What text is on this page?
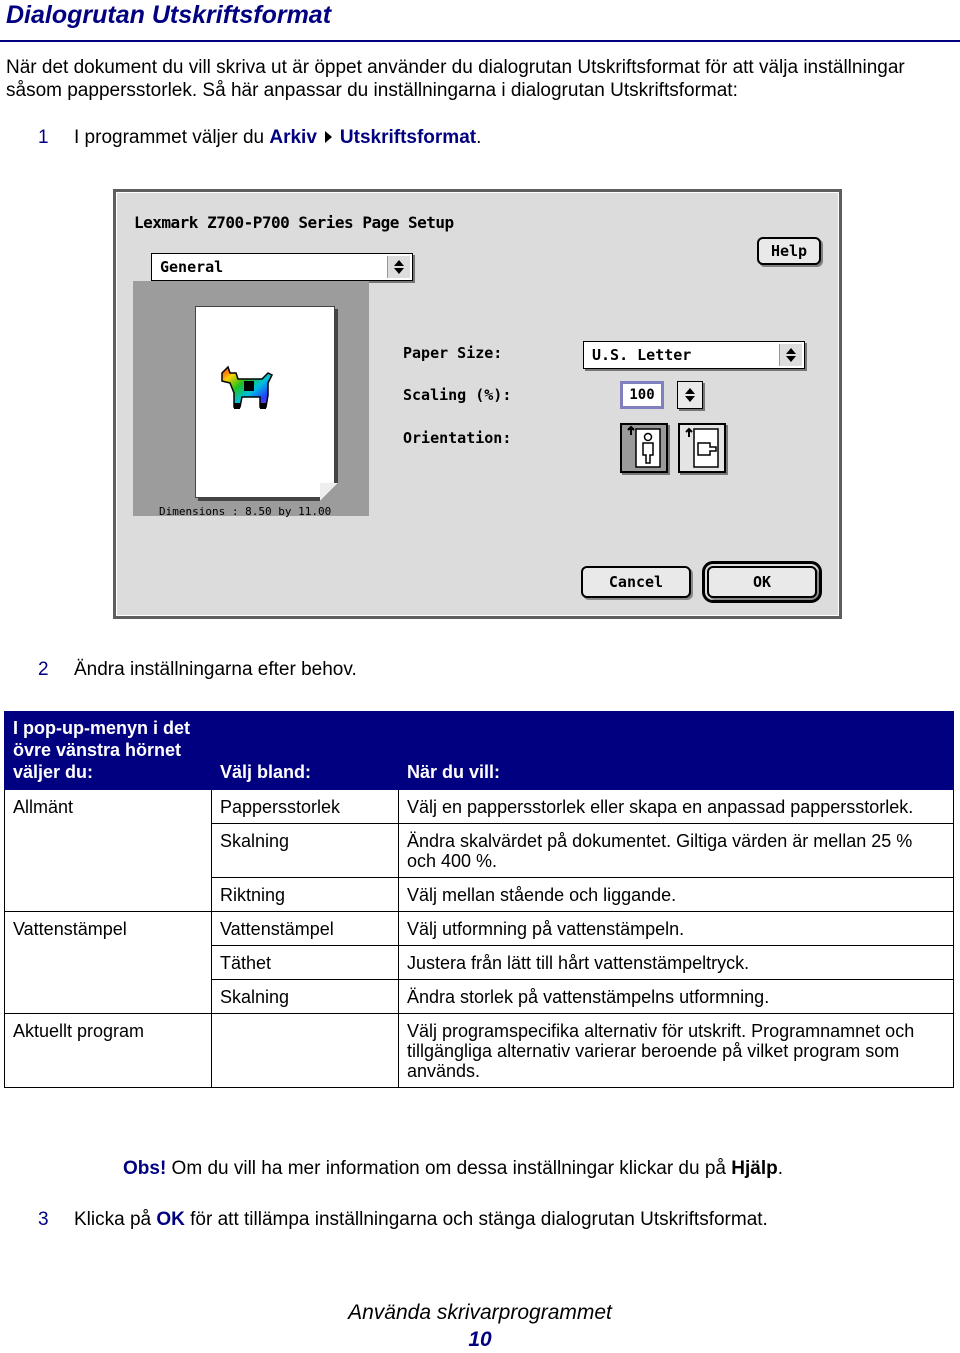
Dialogrutan Utskriftsformat

När det dokument du vill skriva ut är öppet använder du dialogrutan Utskriftsformat för att välja inställningar såsom pappersstorlek. Så här anpassar du inställningarna i dialogrutan Utskriftsformat:

1 I programmet väljer du Arkiv Utskriftsformat.
Lexmark Z700-P700 Series Page Setup
Help
General
Dimensions : 8.50 by 11.00
Paper Size:	U.S. Letter
Scaling (%):	100
Orientation:
Cancel	OK
2 Ändra inställningarna efter behov.
I pop-up-menyn i det övre vänstra hörnet väljer du:	Välj bland:	När du vill:
Allmänt	Pappersstorlek	Välj en pappersstorlek eller skapa en anpassad pappersstorlek.
	Skalning	Ändra skalvärdet på dokumentet. Giltiga värden är mellan 25 % och 400 %.
	Riktning	Välj mellan stående och liggande.
Vattenstämpel	Vattenstämpel	Välj utformning på vattenstämpeln.
	Täthet	Justera från lätt till hårt vattenstämpeltryck.
	Skalning	Ändra storlek på vattenstämpelns utformning.
Aktuellt program		Välj programspecifika alternativ för utskrift. Programnamnet och tillgängliga alternativ varierar beroende på vilket program som används.
Obs! Om du vill ha mer information om dessa inställningar klickar du på Hjälp.
3 Klicka på OK för att tillämpa inställningarna och stänga dialogrutan Utskriftsformat.
Använda skrivarprogrammet
10
